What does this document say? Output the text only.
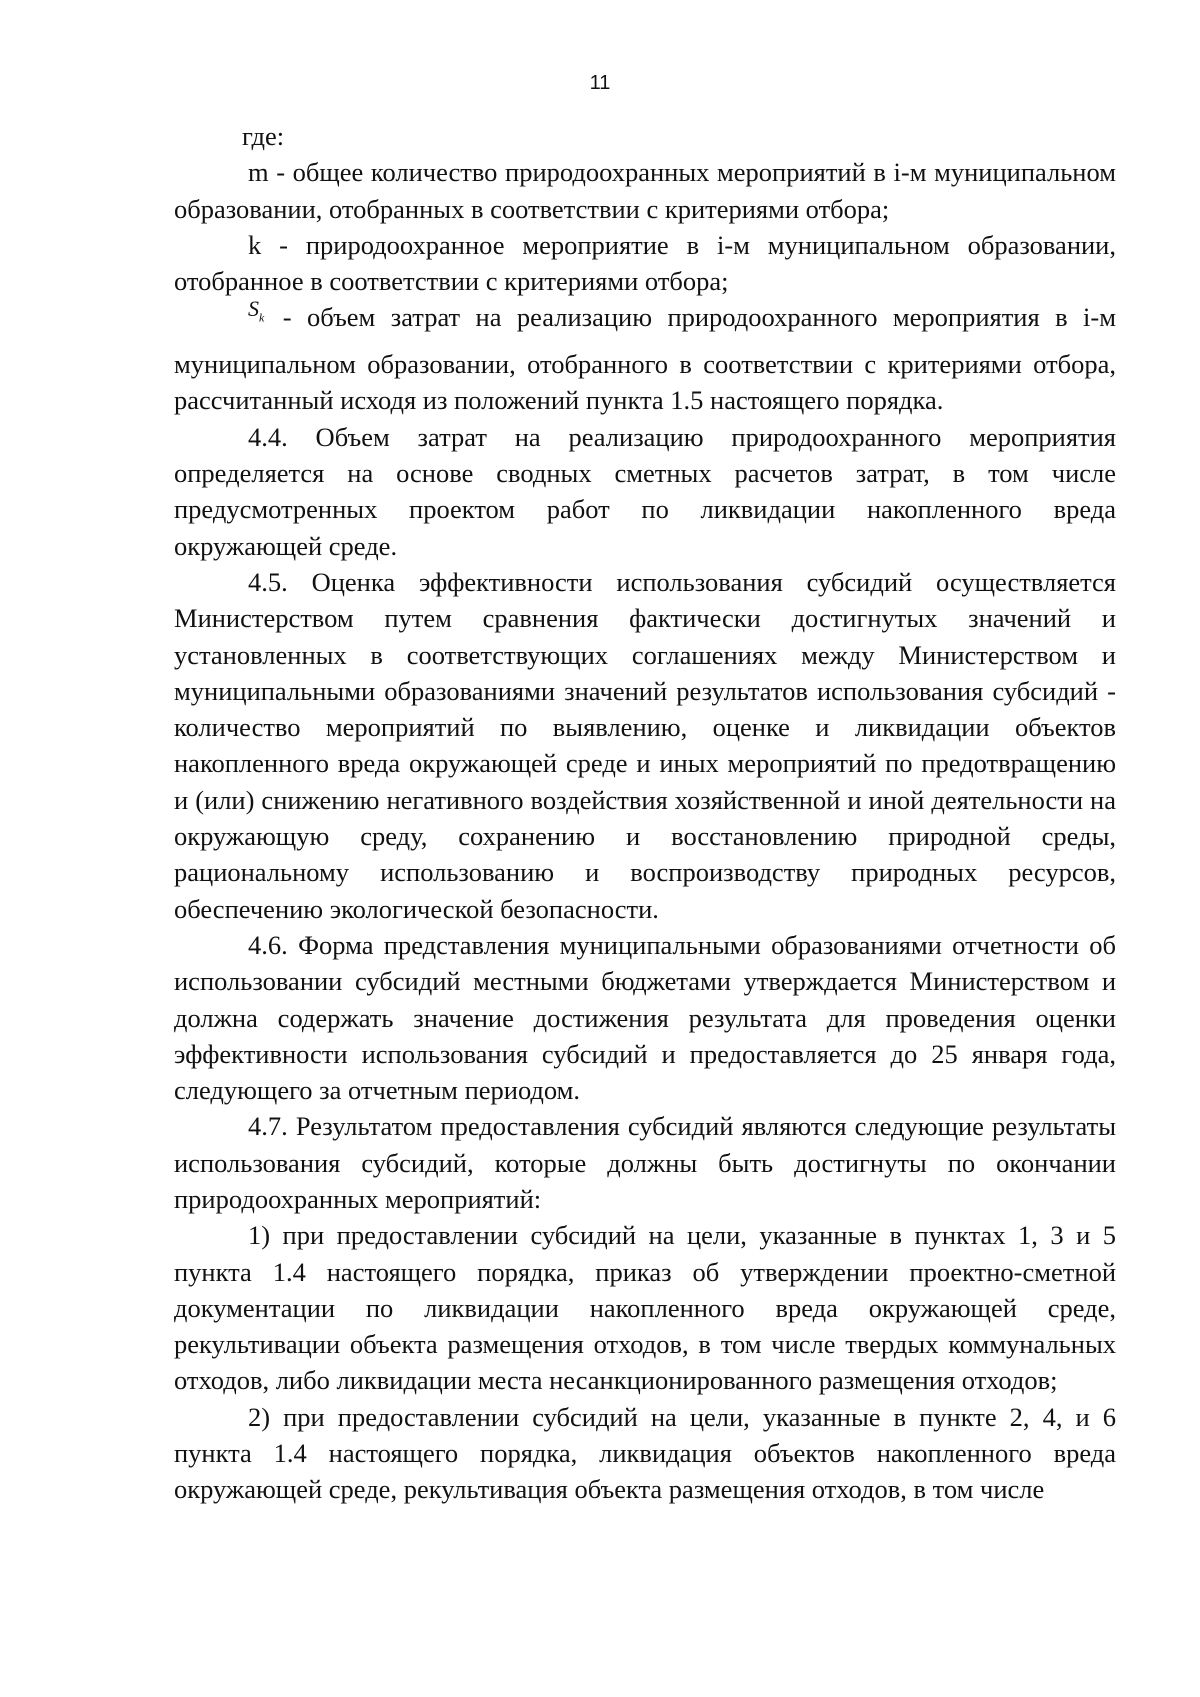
11

где:

m - общее количество природоохранных мероприятий в i-м муниципальном образовании, отобранных в соответствии с критериями отбора;

k - природоохранное мероприятие в i-м муниципальном образовании, отобранное в соответствии с критериями отбора;

$^{S_k}$ - объем затрат на реализацию природоохранного мероприятия в i-м муниципальном образовании, отобранного в соответствии с критериями отбора, рассчитанный исходя из положений пункта 1.5 настоящего порядка.

4.4. Объем затрат на реализацию природоохранного мероприятия определяется на основе сводных сметных расчетов затрат, в том числе предусмотренных проектом работ по ликвидации накопленного вреда окружающей среде.

4.5. Оценка эффективности использования субсидий осуществляется Министерством путем сравнения фактически достигнутых значений и установленных в соответствующих соглашениях между Министерством и муниципальными образованиями значений результатов использования субсидий - количество мероприятий по выявлению, оценке и ликвидации объектов накопленного вреда окружающей среде и иных мероприятий по предотвращению и (или) снижению негативного воздействия хозяйственной и иной деятельности на окружающую среду, сохранению и восстановлению природной среды, рациональному использованию и воспроизводству природных ресурсов, обеспечению экологической безопасности.

4.6. Форма представления муниципальными образованиями отчетности об использовании субсидий местными бюджетами утверждается Министерством и должна содержать значение достижения результата для проведения оценки эффективности использования субсидий и предоставляется до 25 января года, следующего за отчетным периодом.

4.7. Результатом предоставления субсидий являются следующие результаты использования субсидий, которые должны быть достигнуты по окончании природоохранных мероприятий:

1) при предоставлении субсидий на цели, указанные в пунктах 1, 3 и 5 пункта 1.4 настоящего порядка, приказ об утверждении проектно-сметной документации по ликвидации накопленного вреда окружающей среде, рекультивации объекта размещения отходов, в том числе твердых коммунальных отходов, либо ликвидации места несанкционированного размещения отходов;

2) при предоставлении субсидий на цели, указанные в пункте 2, 4, и 6 пункта 1.4 настоящего порядка, ликвидация объектов накопленного вреда окружающей среде, рекультивация объекта размещения отходов, в том числе
